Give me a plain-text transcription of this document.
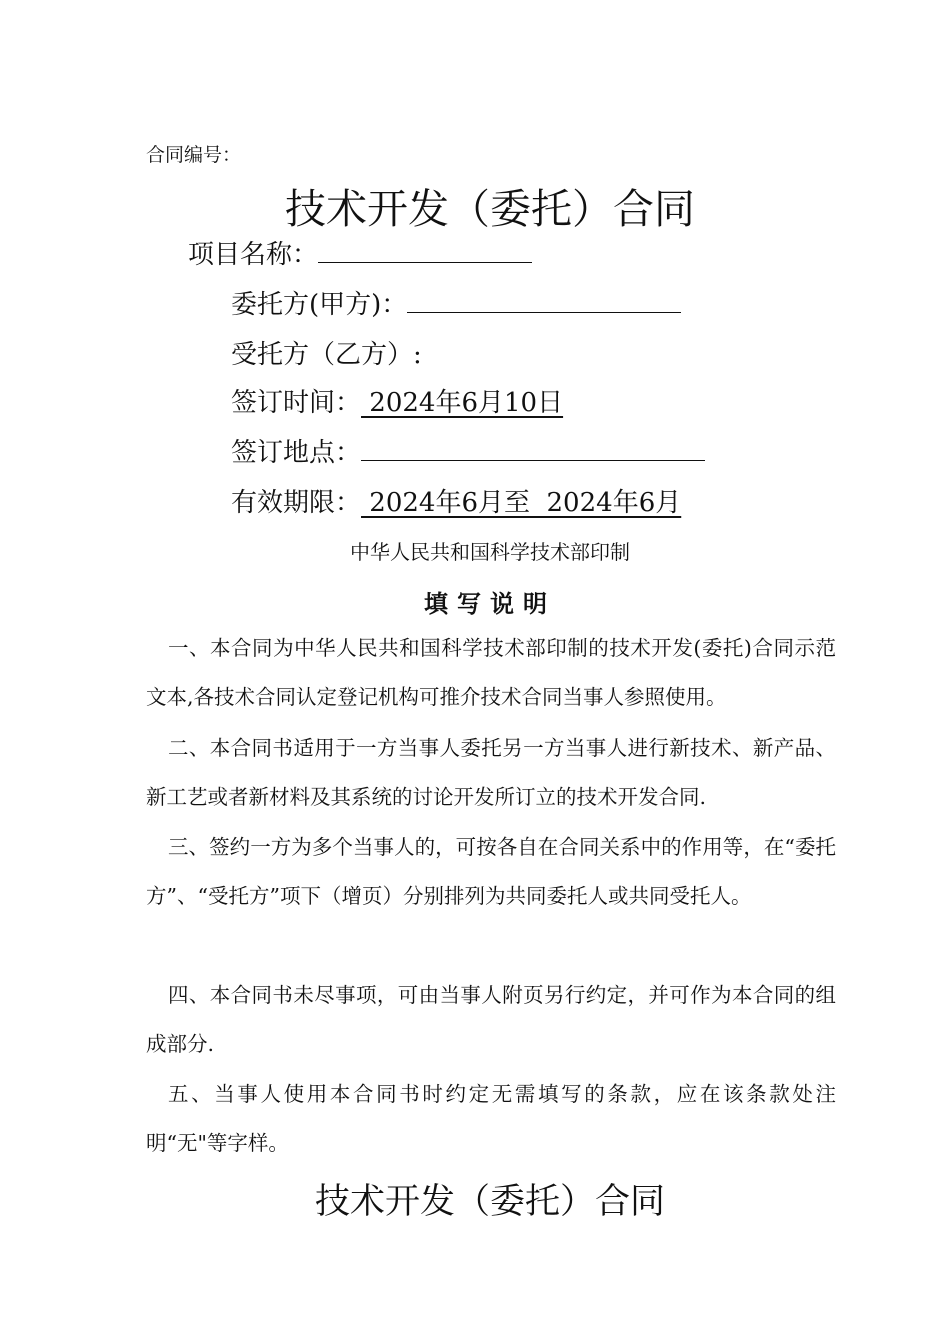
合同编号：
技术开发（委托）合同
项目名称：
委托方(甲方)：
受托方（乙方）:
签订时间： 2024年6月10日
签订地点：
有效期限： 2024年6月至  2024年6月
中华人民共和国科学技术部印制
填写说明

一、本合同为中华人民共和国科学技术部印制的技术开发(委托)合同示范文本,各技术合同认定登记机构可推介技术合同当事人参照使用。

二、本合同书适用于一方当事人委托另一方当事人进行新技术、新产品、新工艺或者新材料及其系统的讨论开发所订立的技术开发合同.

三、签约一方为多个当事人的，可按各自在合同关系中的作用等，在“委托方”、“受托方”项下（增页）分别排列为共同委托人或共同受托人。

四、本合同书未尽事项，可由当事人附页另行约定，并可作为本合同的组成部分.

五、当事人使用本合同书时约定无需填写的条款，应在该条款处注明“无"等字样。

技术开发（委托）合同
